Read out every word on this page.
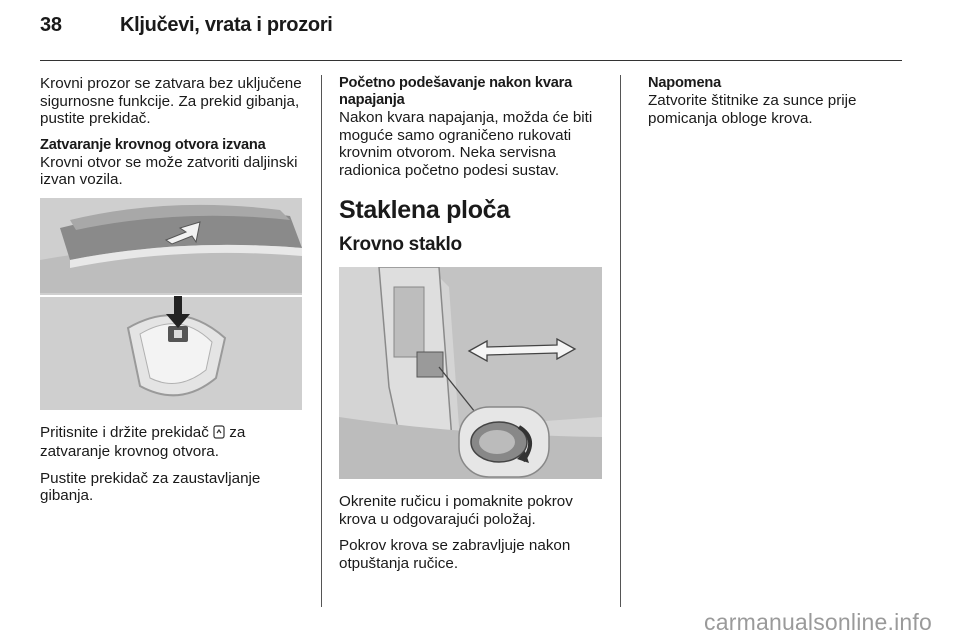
38	Ključevi, vrata i prozori

Krovni prozor se zatvara bez uključene sigurnosne funkcije. Za prekid gibanja, pustite prekidač.

Zatvaranje krovnog otvora izvana

Krovni otvor se može zatvoriti daljinski izvan vozila.

Pritisnite i držite prekidač  za zatvaranje krovnog otvora.

Pustite prekidač za zaustavljanje gibanja.

Početno podešavanje nakon kvara napajanja

Nakon kvara napajanja, možda će biti moguće samo ograničeno rukovati krovnim otvorom. Neka servisna radionica početno podesi sustav.

Staklena ploča
Krovno staklo

Okrenite ručicu i pomaknite pokrov krova u odgovarajući položaj.

Pokrov krova se zabravljuje nakon otpuštanja ručice.

Napomena

Zatvorite štitnike za sunce prije pomicanja obloge krova.

carmanualsonline.info
